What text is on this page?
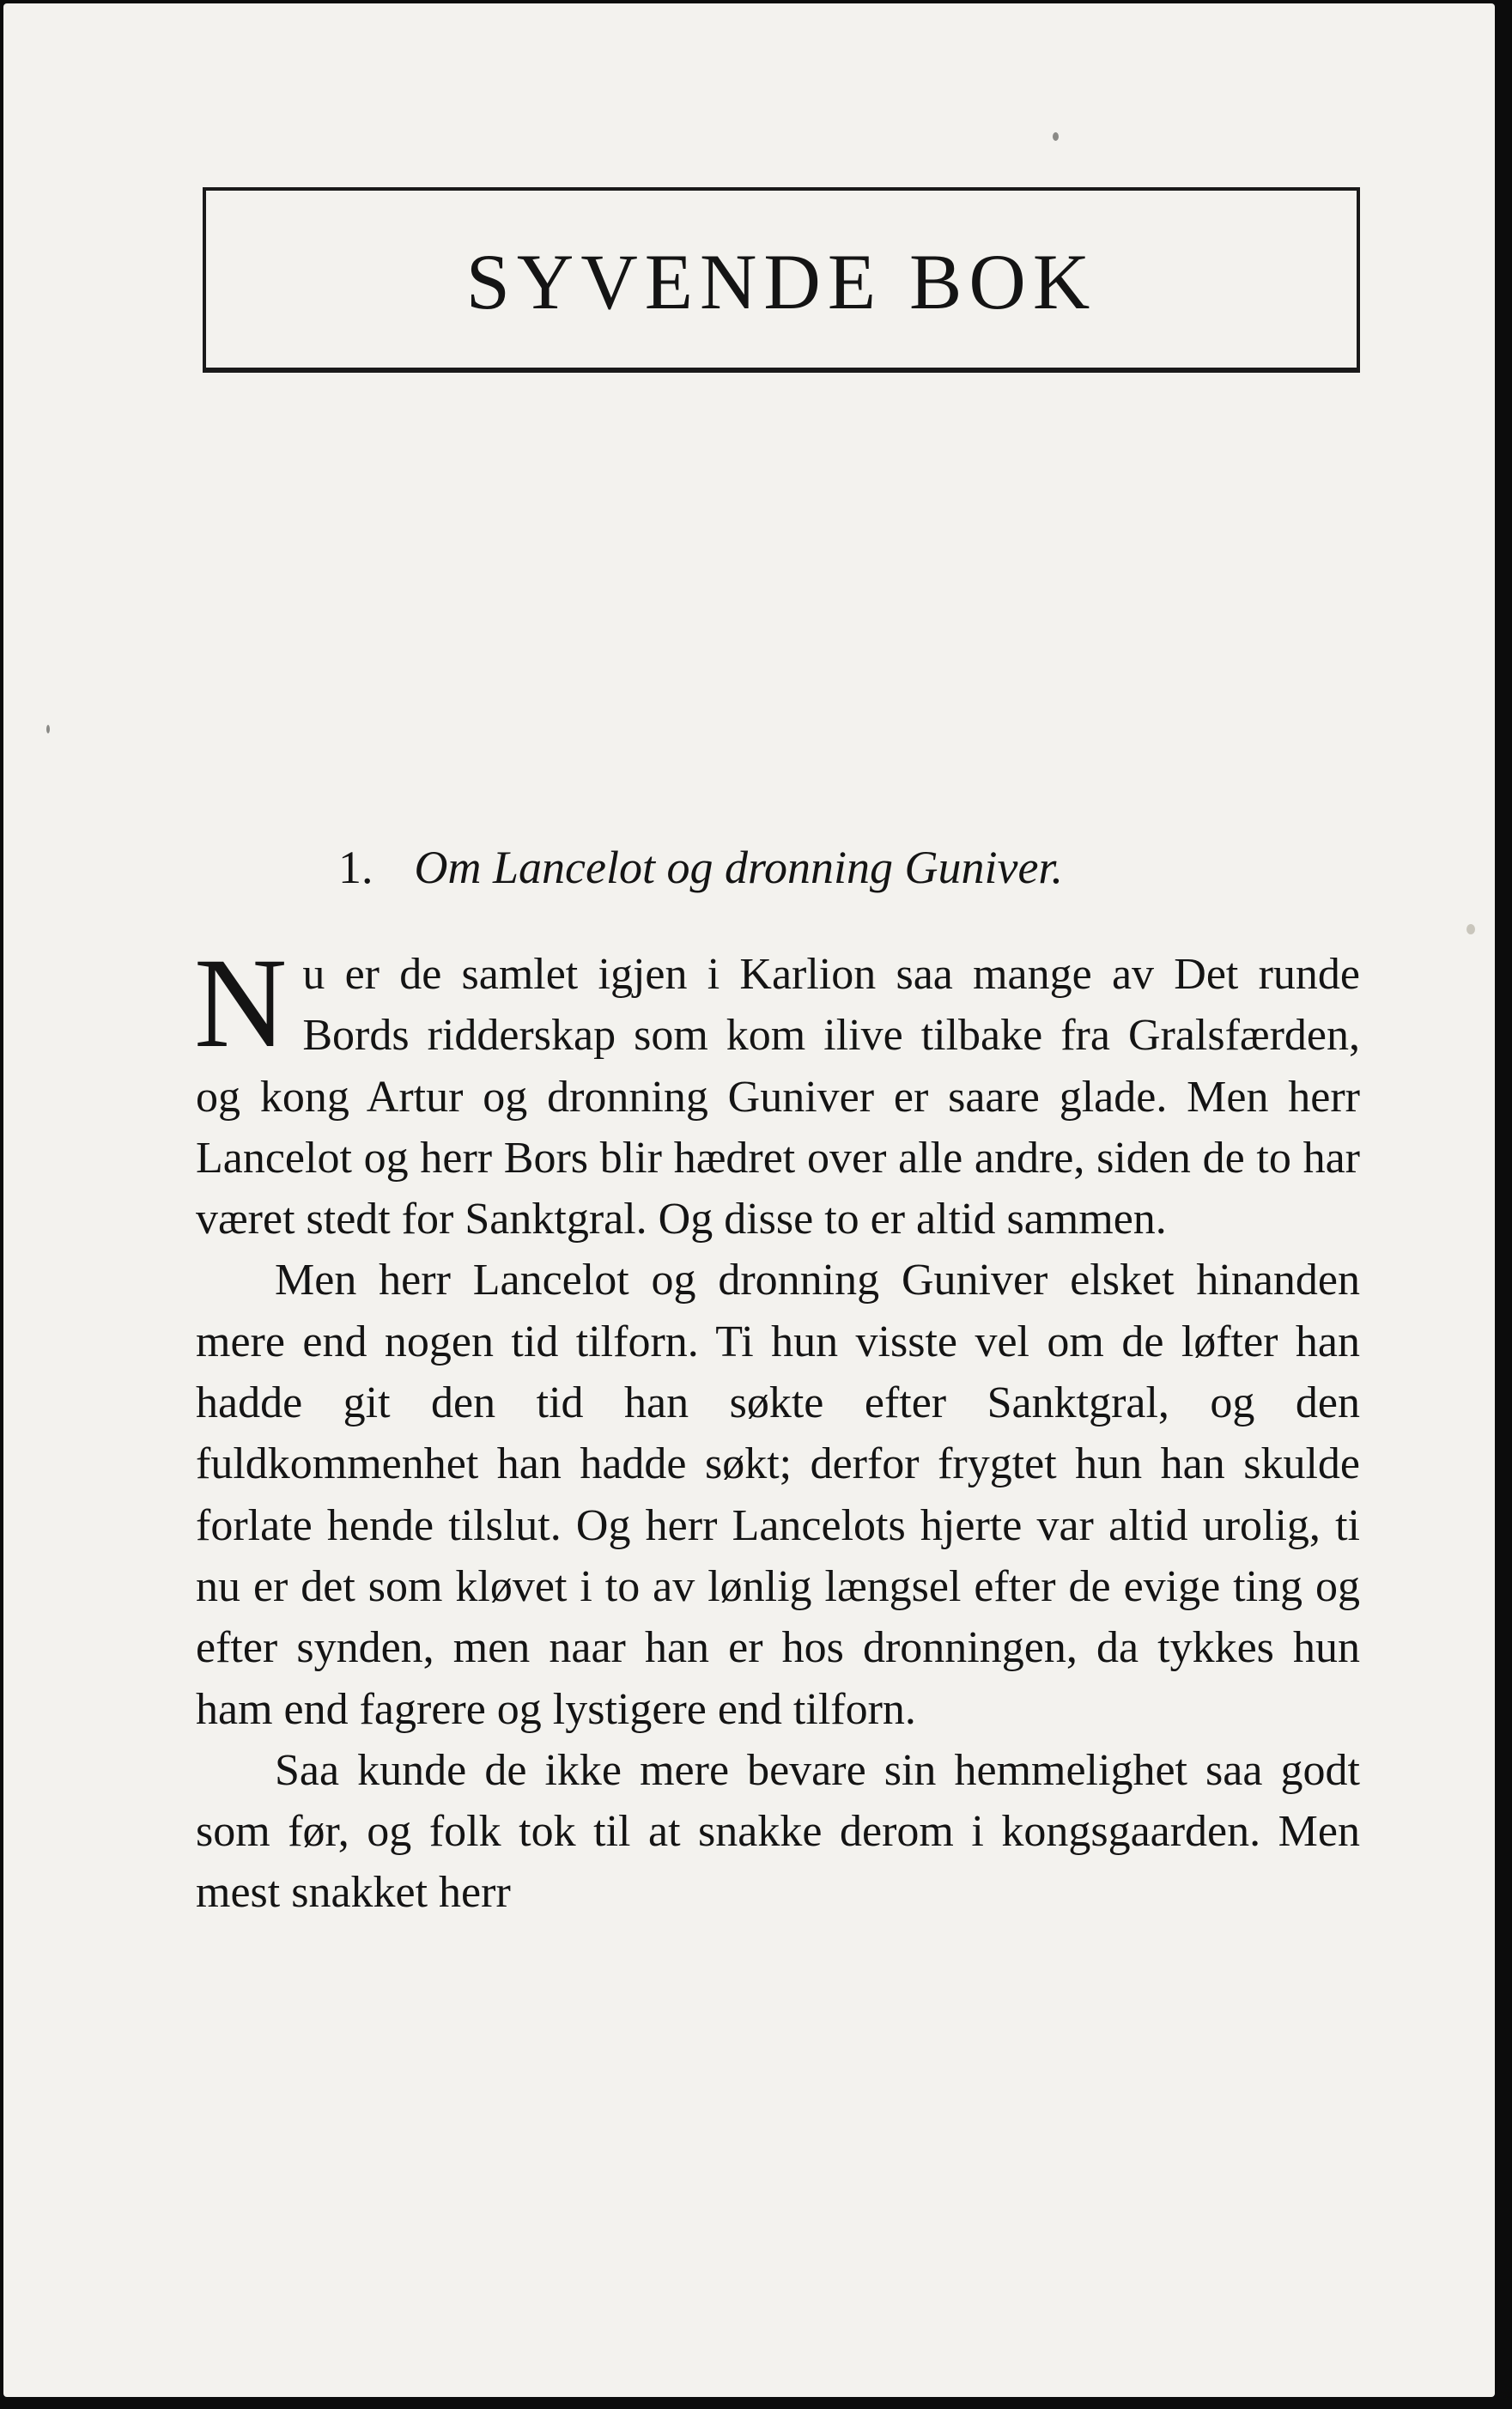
SYVENDE BOK
1. Om Lancelot og dronning Guniver.

Nu er de samlet igjen i Karlion saa mange av Det runde Bords ridderskap som kom ilive tilbake fra Gralsfærden, og kong Artur og dronning Guniver er saare glade. Men herr Lancelot og herr Bors blir hædret over alle andre, siden de to har været stedt for Sanktgral. Og disse to er altid sammen.

Men herr Lancelot og dronning Guniver elsket hinanden mere end nogen tid tilforn. Ti hun visste vel om de løfter han hadde git den tid han søkte efter Sanktgral, og den fuldkommenhet han hadde søkt; derfor frygtet hun han skulde forlate hende tilslut. Og herr Lancelots hjerte var altid urolig, ti nu er det som kløvet i to av lønlig længsel efter de evige ting og efter synden, men naar han er hos dronningen, da tykkes hun ham end fagrere og lystigere end tilforn.

Saa kunde de ikke mere bevare sin hemmelighet saa godt som før, og folk tok til at snakke derom i kongsgaarden. Men mest snakket herr
